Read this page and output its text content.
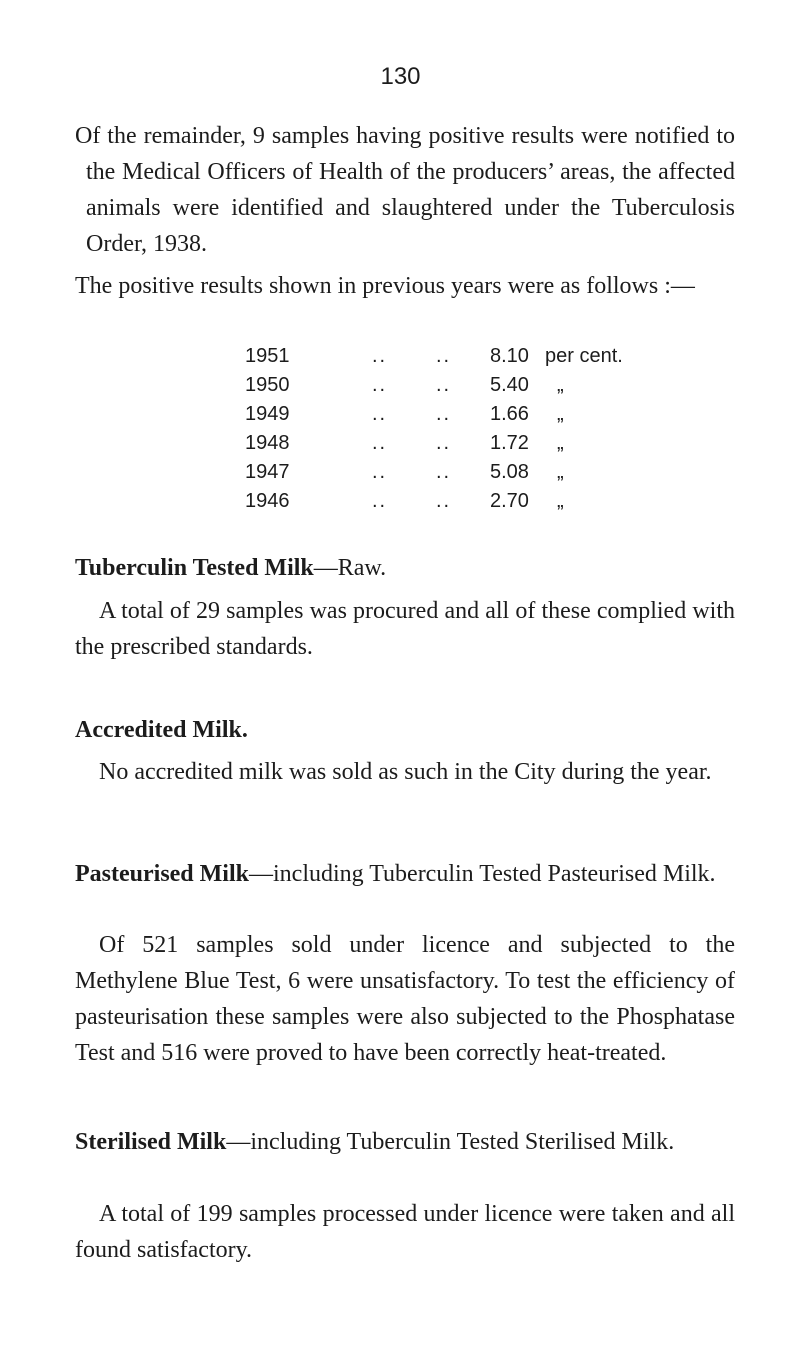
130

Of the remainder, 9 samples having positive results were notified to the Medical Officers of Health of the producers’ areas, the affected animals were identified and slaughtered under the Tuberculosis Order, 1938.

The positive results shown in previous years were as follows :—

1951	.. .. 8.10 per cent.
1950	.. .. 5.40 „
1949	.. .. 1.66 „
1948	.. .. 1.72 „
1947	.. .. 5.08 „
1946	.. .. 2.70 „

Tuberculin Tested Milk—Raw.

A total of 29 samples was procured and all of these complied with the prescribed standards.

Accredited Milk.

No accredited milk was sold as such in the City during the year.

Pasteurised Milk—including Tuberculin Tested Pasteurised Milk.

Of 521 samples sold under licence and subjected to the Methylene Blue Test, 6 were unsatisfactory. To test the efficiency of pasteurisation these samples were also subjected to the Phosphatase Test and 516 were proved to have been correctly heat-treated.

Sterilised Milk—including Tuberculin Tested Sterilised Milk.

A total of 199 samples processed under licence were taken and all found satisfactory.
